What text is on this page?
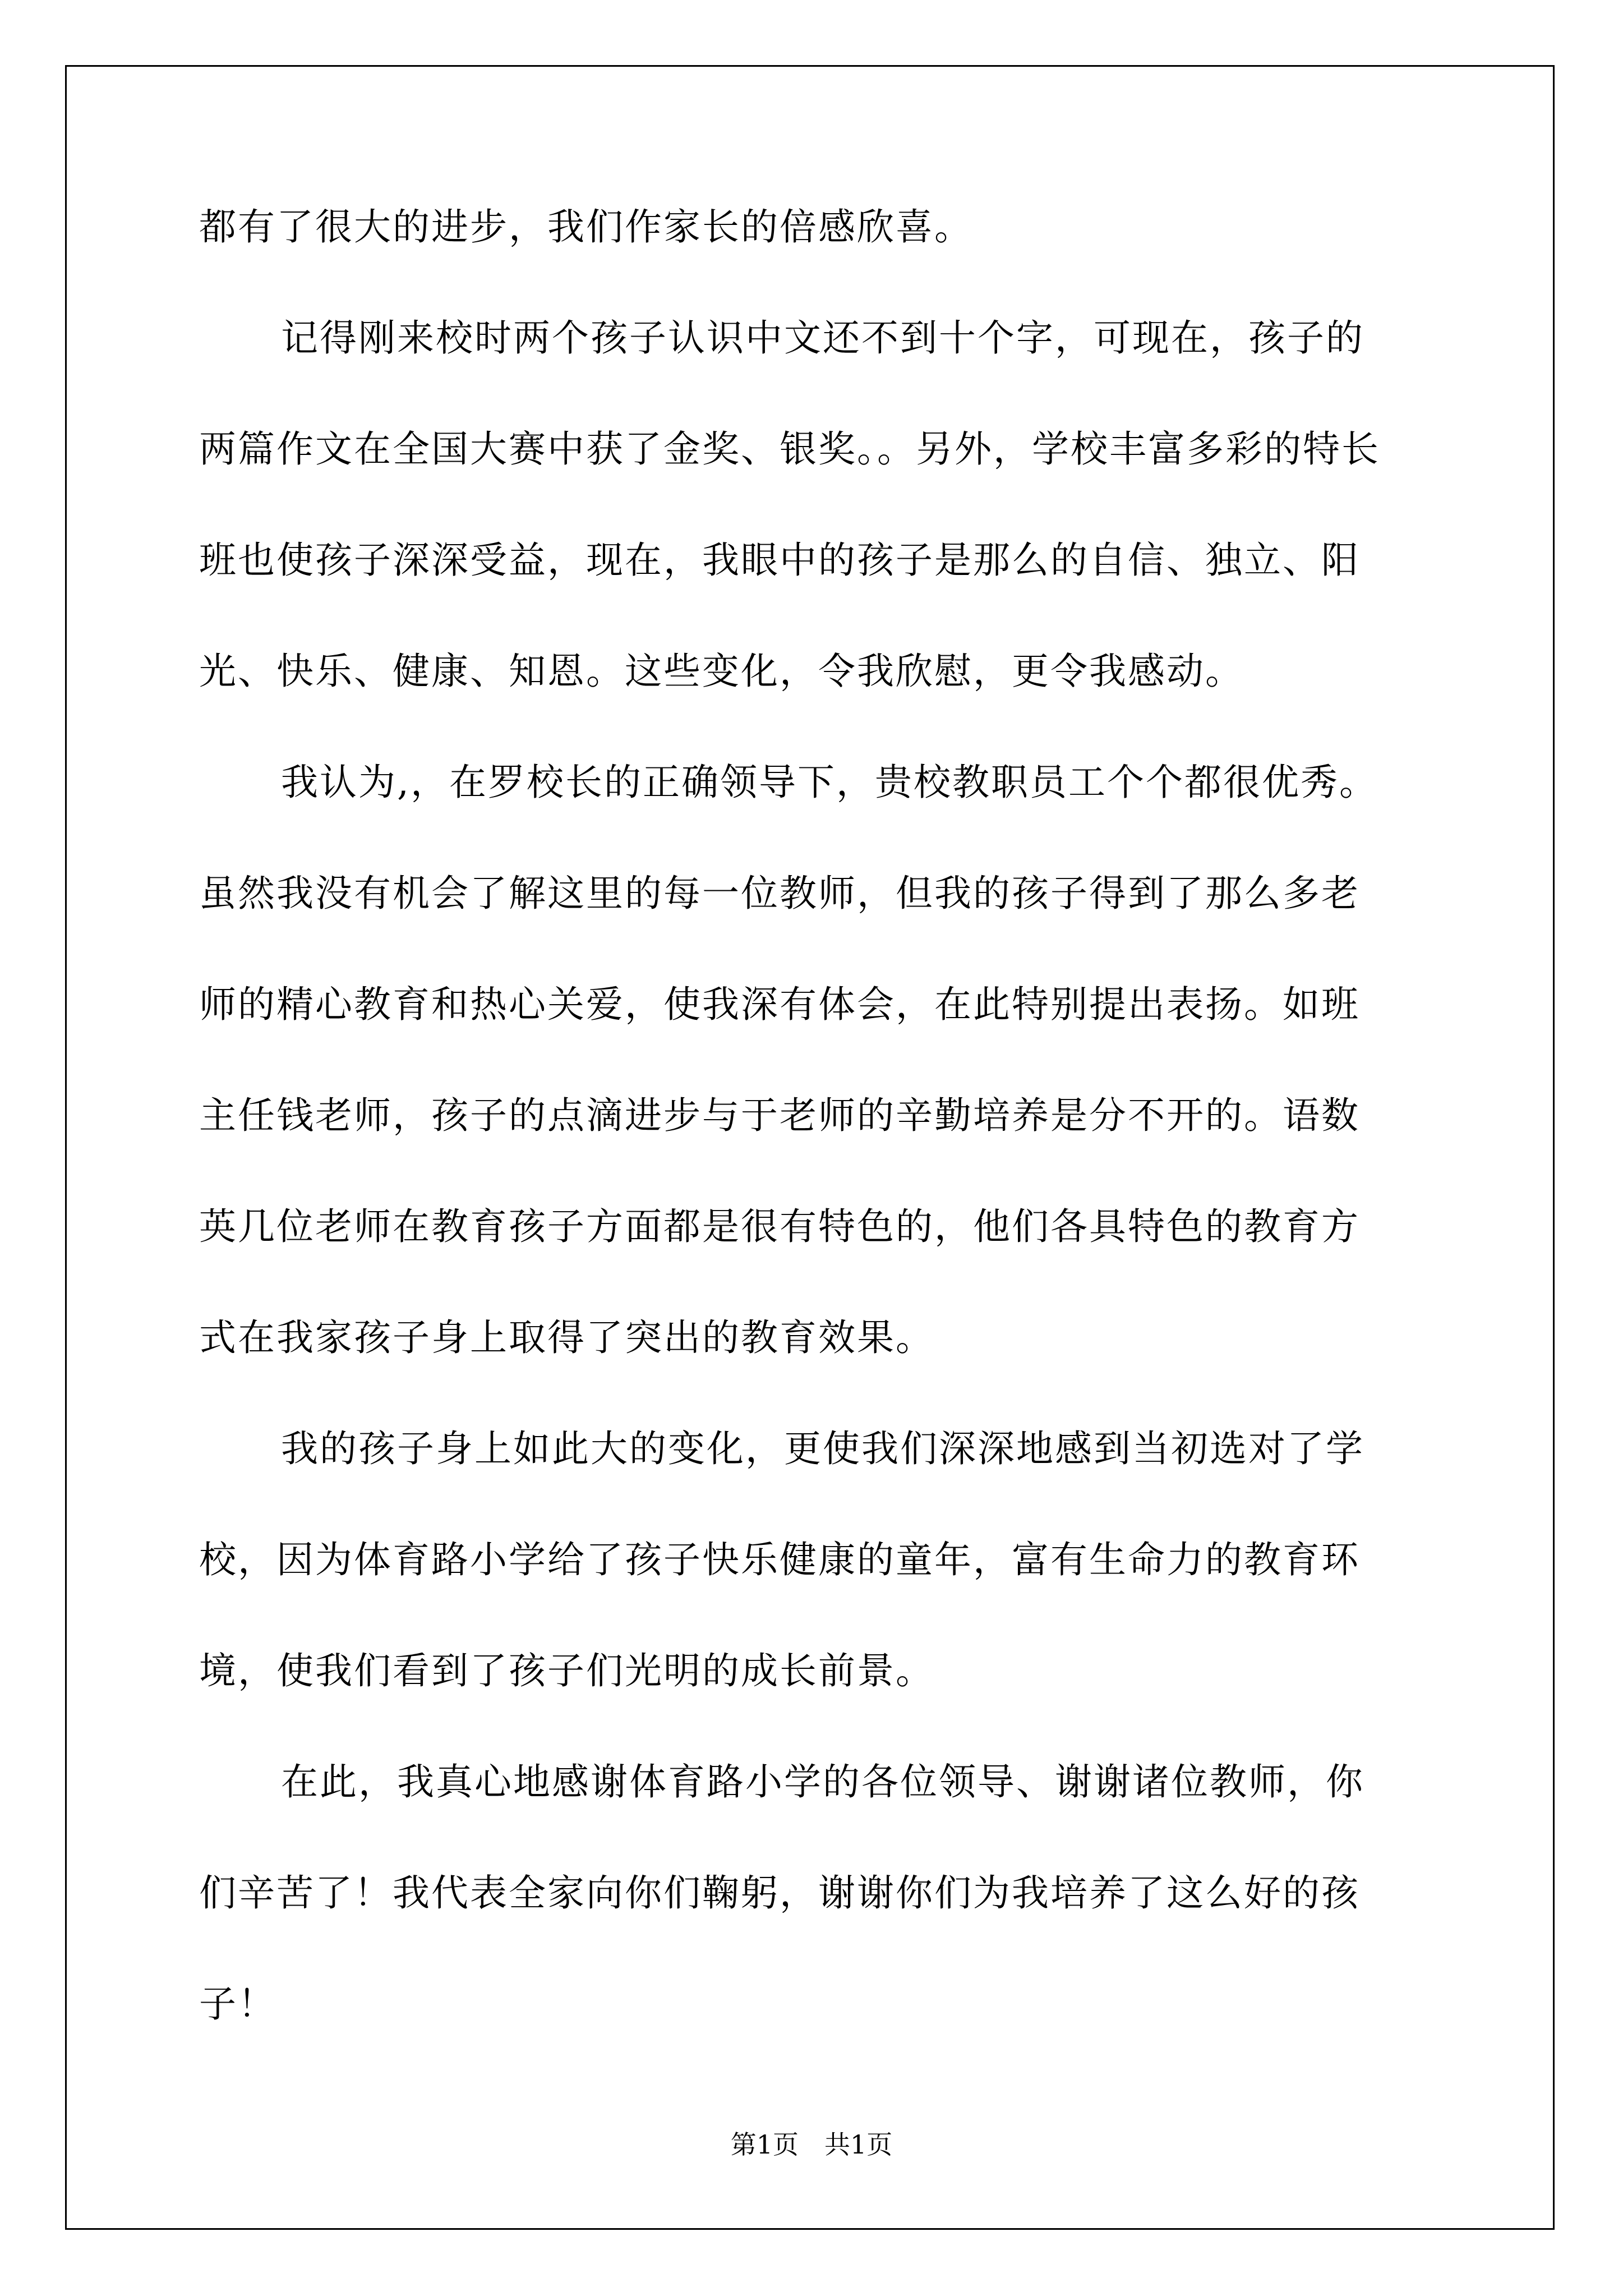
都有了很大的进步，我们作家长的倍感欣喜。
记得刚来校时两个孩子认识中文还不到十个字，可现在，孩子的
两篇作文在全国大赛中获了金奖、银奖。。另外，学校丰富多彩的特长
班也使孩子深深受益，现在，我眼中的孩子是那么的自信、独立、阳
光、快乐、健康、知恩。这些变化，令我欣慰，更令我感动。
我认为,，在罗校长的正确领导下，贵校教职员工个个都很优秀。
虽然我没有机会了解这里的每一位教师，但我的孩子得到了那么多老
师的精心教育和热心关爱，使我深有体会，在此特别提出表扬。如班
主任钱老师，孩子的点滴进步与于老师的辛勤培养是分不开的。语数
英几位老师在教育孩子方面都是很有特色的，他们各具特色的教育方
式在我家孩子身上取得了突出的教育效果。
我的孩子身上如此大的变化，更使我们深深地感到当初选对了学
校，因为体育路小学给了孩子快乐健康的童年，富有生命力的教育环
境，使我们看到了孩子们光明的成长前景。
在此，我真心地感谢体育路小学的各位领导、谢谢诸位教师，你
们辛苦了！我代表全家向你们鞠躬，谢谢你们为我培养了这么好的孩
子！
第1页 共1页
